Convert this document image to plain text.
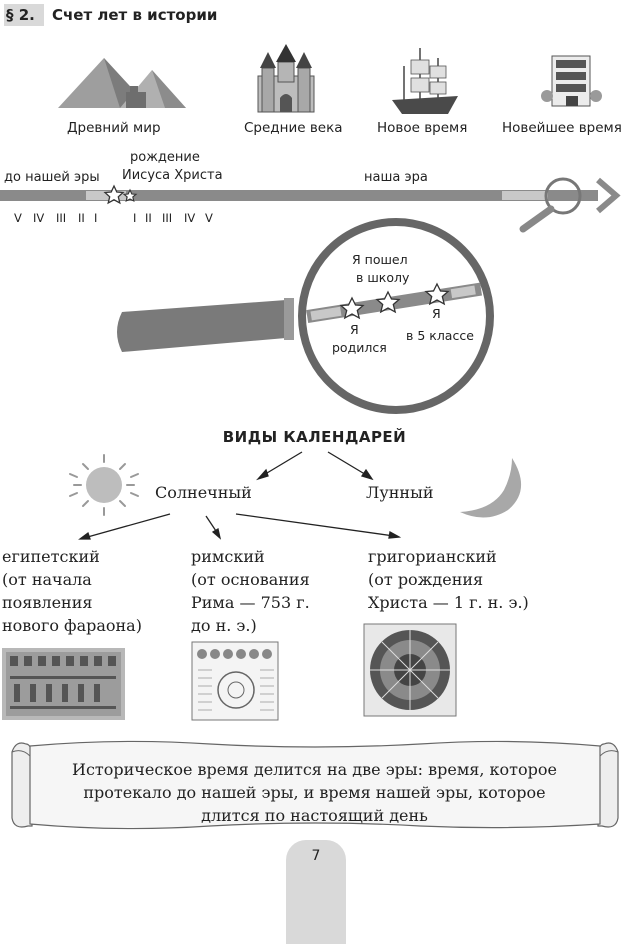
§ 2. Счет лет в истории
Древний мир	Средние века	Новое время	Новейшее время
до нашей эры
рождение
Иисуса Христа	наша эра
V IV III II I	I II III IV V
Я пошел
в школу
Я
родился
Я
в 5 классе
ВИДЫ КАЛЕНДАРЕЙ
Солнечный	Лунный
египетский
(от начала
появления
нового фараона)
римский
(от основания
Рима — 753 г.
до н. э.)
григорианский
(от рождения
Христа — 1 г. н. э.)
Историческое время делится на две эры: время, которое
протекало до нашей эры, и время нашей эры, которое
длится по настоящий день
7
